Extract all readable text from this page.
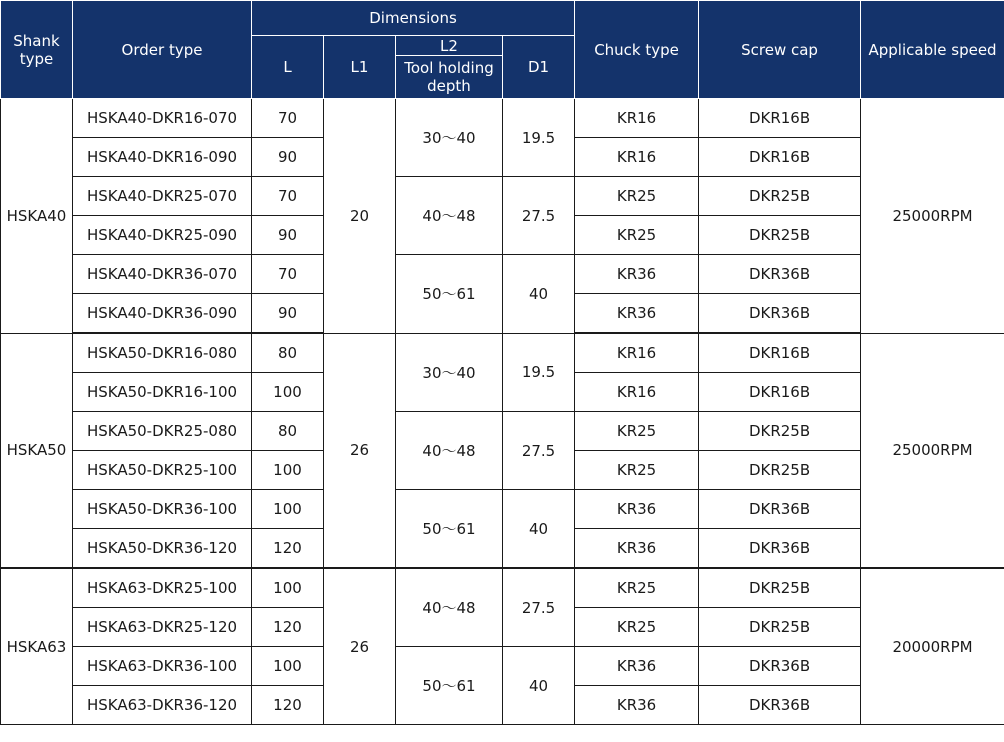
Shank type	Order type	Dimensions				Chuck type	Screw cap	Applicable speed
		L	L1	L2	D1			
				Tool holding depth				
HSKA40	HSKA40-DKR16-070	70	20	30～40	19.5	KR16	DKR16B	25000RPM
	HSKA40-DKR16-090	90				KR16	DKR16B	
	HSKA40-DKR25-070	70		40～48	27.5	KR25	DKR25B	
	HSKA40-DKR25-090	90				KR25	DKR25B	
	HSKA40-DKR36-070	70		50～61	40	KR36	DKR36B	
	HSKA40-DKR36-090	90				KR36	DKR36B	
HSKA50	HSKA50-DKR16-080	80	26	30～40	19.5	KR16	DKR16B	25000RPM
	HSKA50-DKR16-100	100				KR16	DKR16B	
	HSKA50-DKR25-080	80		40～48	27.5	KR25	DKR25B	
	HSKA50-DKR25-100	100				KR25	DKR25B	
	HSKA50-DKR36-100	100		50～61	40	KR36	DKR36B	
	HSKA50-DKR36-120	120				KR36	DKR36B	
HSKA63	HSKA63-DKR25-100	100	26	40～48	27.5	KR25	DKR25B	20000RPM
	HSKA63-DKR25-120	120				KR25	DKR25B	
	HSKA63-DKR36-100	100		50～61	40	KR36	DKR36B	
	HSKA63-DKR36-120	120				KR36	DKR36B	
